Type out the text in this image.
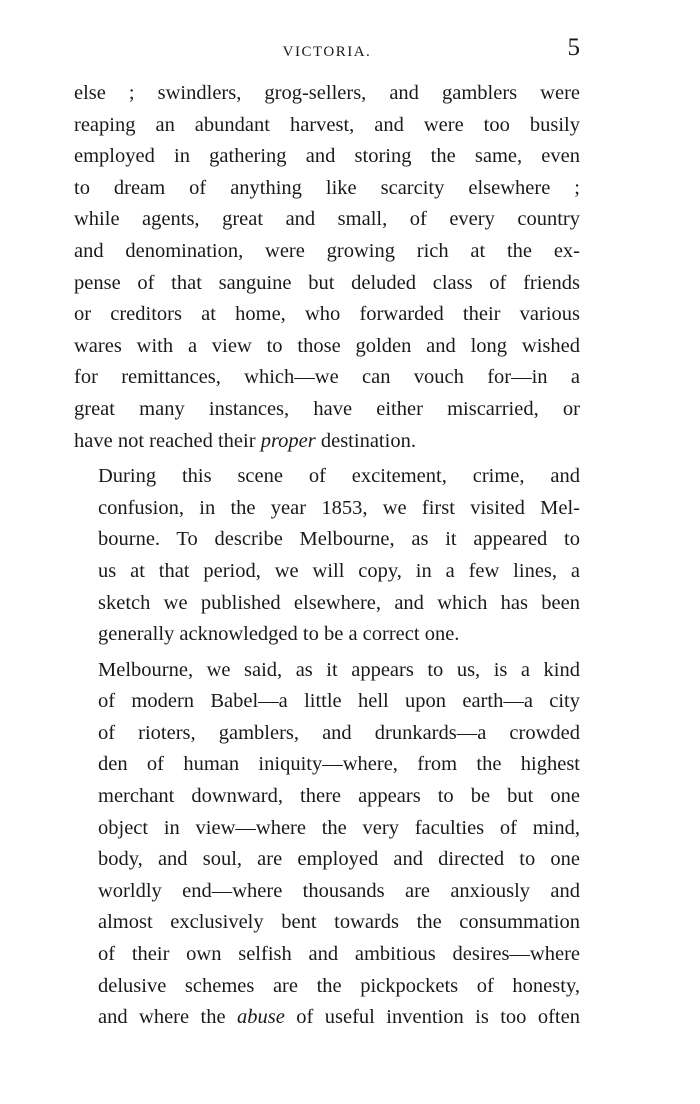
VICTORIA.	5
else ; swindlers, grog-sellers, and gamblers were
reaping an abundant harvest, and were too busily
employed in gathering and storing the same, even
to dream of anything like scarcity elsewhere ;
while agents, great and small, of every country
and denomination, were growing rich at the ex-
pense of that sanguine but deluded class of friends
or creditors at home, who forwarded their various
wares with a view to those golden and long wished
for remittances, which—we can vouch for—in a
great many instances, have either miscarried, or
have not reached their proper destination.
During this scene of excitement, crime, and
confusion, in the year 1853, we first visited Mel-
bourne. To describe Melbourne, as it appeared to
us at that period, we will copy, in a few lines, a
sketch we published elsewhere, and which has been
generally acknowledged to be a correct one.
Melbourne, we said, as it appears to us, is a kind
of modern Babel—a little hell upon earth—a city
of rioters, gamblers, and drunkards—a crowded
den of human iniquity—where, from the highest
merchant downward, there appears to be but one
object in view—where the very faculties of mind,
body, and soul, are employed and directed to one
worldly end—where thousands are anxiously and
almost exclusively bent towards the consummation
of their own selfish and ambitious desires—where
delusive schemes are the pickpockets of honesty,
and where the abuse of useful invention is too often
